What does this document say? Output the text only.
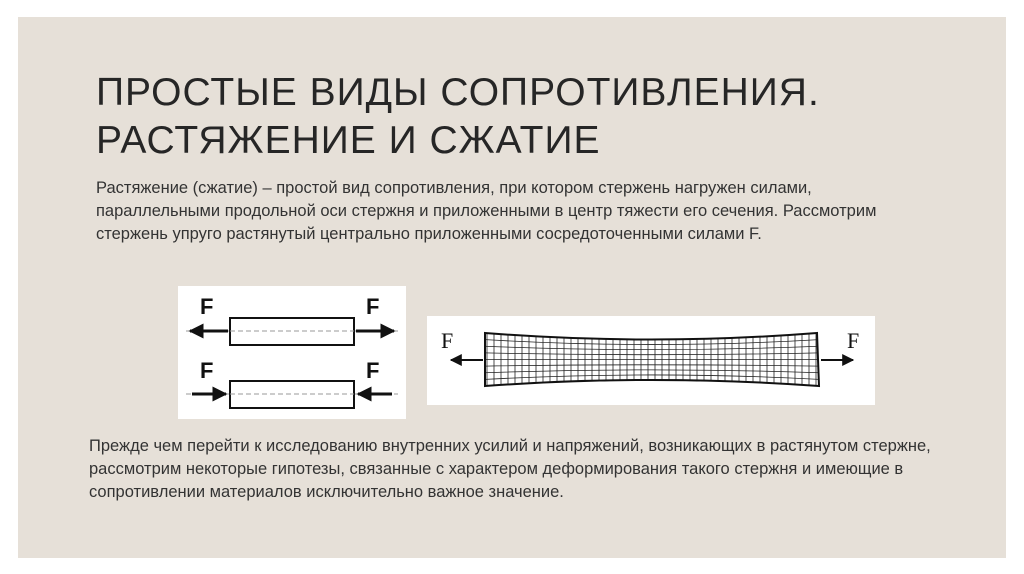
ПРОСТЫЕ ВИДЫ СОПРОТИВЛЕНИЯ.
РАСТЯЖЕНИЕ И СЖАТИЕ

Растяжение (сжатие) – простой вид сопротивления, при котором стержень нагружен силами, параллельными продольной оси стержня и приложенными в центр тяжести его сечения. Рассмотрим стержень упруго растянутый центрально приложенными сосредоточенными силами F.

F	F
F	F
F	F

Прежде чем перейти к исследованию внутренних усилий и напряжений, возникающих в растянутом стержне, рассмотрим некоторые гипотезы, связанные с характером деформирования такого стержня и имеющие в сопротивлении материалов исключительно важное значение.
